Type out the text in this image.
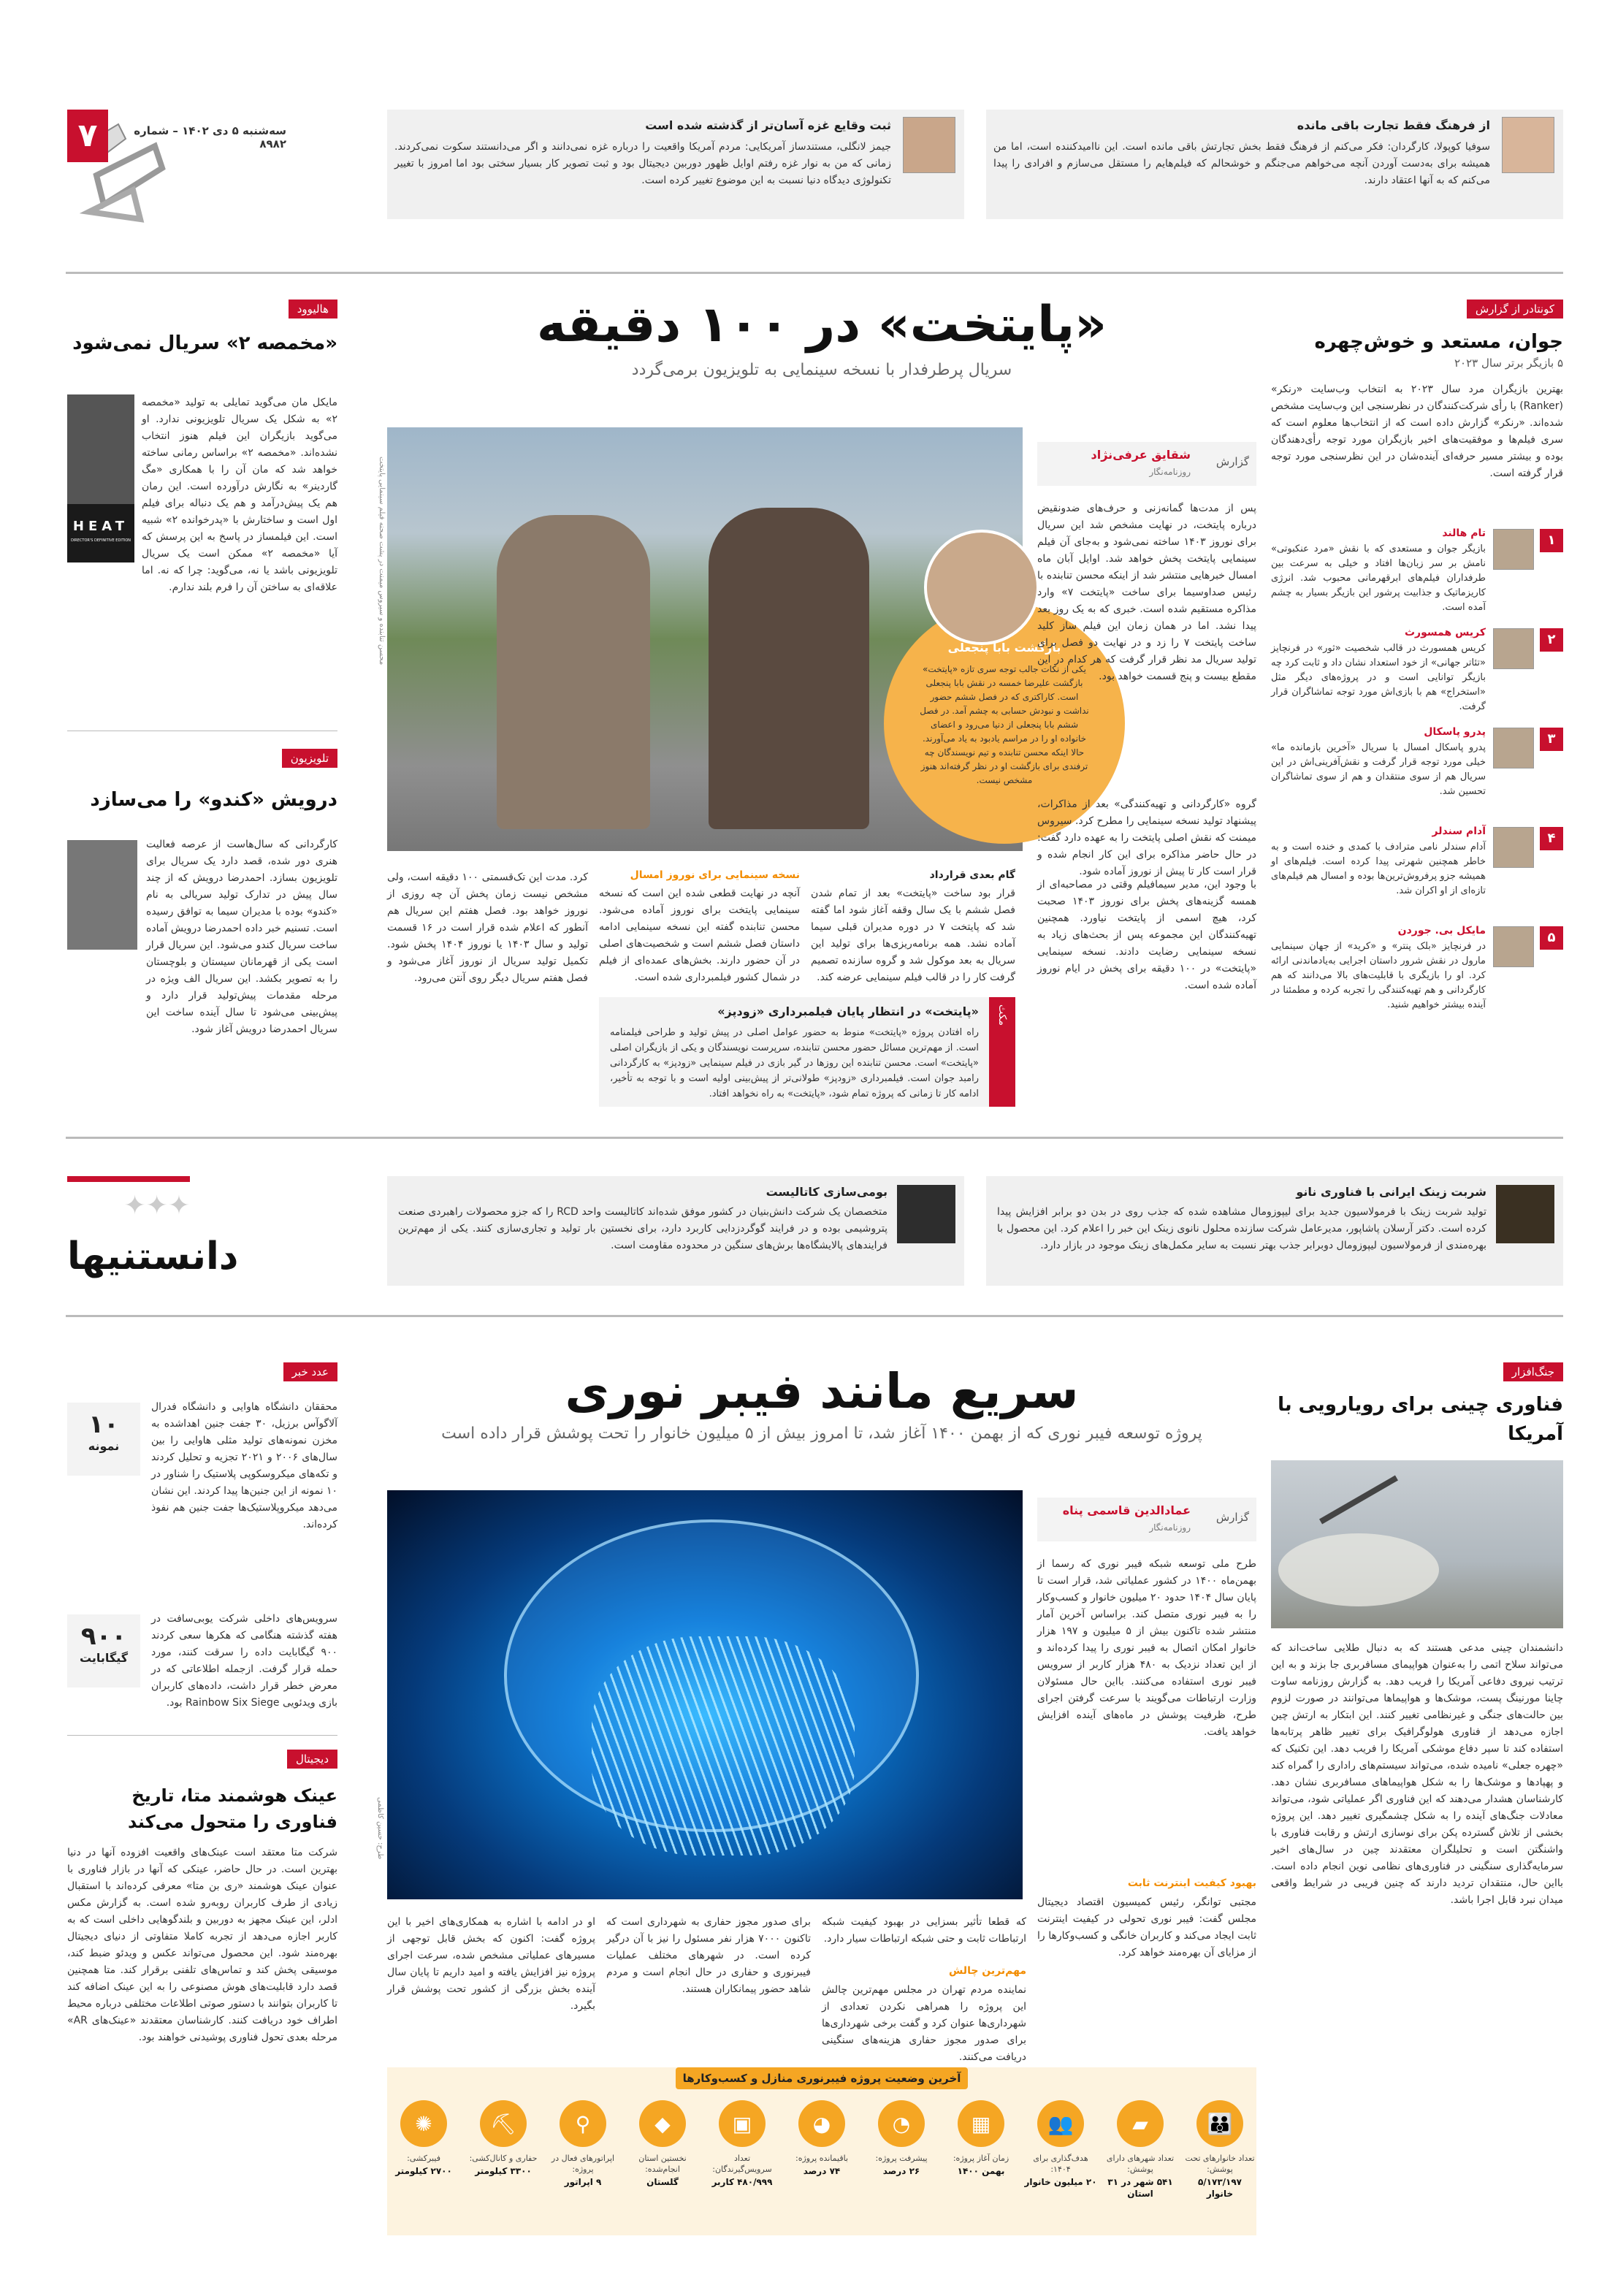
۷	سه‌شنبه ۵ دی ۱۴۰۲ – شماره ۸۹۸۲
از فرهنگ فقط تجارت باقی مانده
سوفیا کوپولا، کارگردان: فکر می‌کنم از فرهنگ فقط بخش تجارتش باقی مانده است. این ناامیدکننده است، اما من همیشه برای به‌دست آوردن آنچه می‌خواهم می‌جنگم و خوشحالم که فیلم‌هایم را مستقل می‌سازم و افرادی را پیدا می‌کنم که به آنها اعتقاد دارند.
ثبت وقایع غزه آسان‌تر از گذشته شده است
جیمز لانگلی، مستندساز آمریکایی: مردم آمریکا واقعیت را درباره غزه نمی‌دانند و اگر می‌دانستند سکوت نمی‌کردند. زمانی که من به نوار غزه رفتم اوایل ظهور دوربین دیجیتال بود و ثبت تصویر کار بسیار سختی بود اما امروز با تغییر تکنولوژی دیدگاه دنیا نسبت به این موضوع تغییر کرده است.
هالیوود
«مخمصه ۲» سریال نمی‌شود
HEAT
DIRECTOR'S DEFINITIVE EDITION
مایکل مان می‌گوید تمایلی به تولید «مخمصه ۲» به شکل یک سریال تلویزیونی ندارد. او می‌گوید بازیگران این فیلم هنوز انتخاب نشده‌اند. «مخمصه ۲» براساس رمانی ساخته خواهد شد که مان آن را با همکاری «مگ گاردینر» به نگارش درآورده است. این رمان هم یک پیش‌درآمد و هم یک دنباله برای فیلم اول است و ساختارش با «پدرخوانده ۲» شبیه است. این فیلمساز در پاسخ به این پرسش که آیا «مخمصه ۲» ممکن است یک سریال تلویزیونی باشد یا نه، می‌گوید: چرا که نه. اما علاقه‌ای به ساختن آن را فرم بلند ندارم.
تلویزیون
درویش «کندو» را می‌سازد
کارگردانی که سال‌هاست از عرصه فعالیت هنری دور شده، قصد دارد یک سریال برای تلویزیون بسازد. احمدرضا درویش که از چند سال پیش در تدارک تولید سریالی به نام «کندو» بوده با مدیران سیما به توافق رسیده است. تسنیم خبر داده احمدرضا درویش آماده ساخت سریال کندو می‌شود. این سریال قرار است یکی از قهرمانان سیستان و بلوچستان را به تصویر بکشد. این سریال الف ویژه در مرحله مقدمات پیش‌تولید قرار دارد و پیش‌بینی می‌شود تا سال آینده ساخت این سریال احمدرضا درویش آغاز شود.
«پایتخت» در ۱۰۰ دقیقه
سریال پرطرفدار با نسخه سینمایی به تلویزیون برمی‌گردد
محسن تنابنده و سیروس میمنت در پشت صحنه فیلم سینمایی پایتخت	بازگشت بابا پنجعلی
یکی از نکات جالب توجه سری تازه «پایتخت» بازگشت علیرضا خمسه در نقش بابا پنجعلی است. کاراکتری که در فصل ششم حضور نداشت و نبودش حسابی به چشم آمد. در فصل ششم بابا پنجعلی از دنیا می‌رود و اعضای خانواده او را در مراسم یادبود به یاد می‌آورند. حالا اینکه محسن تنابنده و تیم نویسندگان چه ترفندی برای بازگشت او در نظر گرفته‌اند هنوز مشخص نیست.
گزارش
شقایق عرفی‌نژاد
روزنامه‌نگار
پس از مدت‌ها گمانه‌زنی و حرف‌های ضدونقیض درباره پایتخت، در نهایت مشخص شد این سریال برای نوروز ۱۴۰۳ ساخته نمی‌شود و به‌جای آن فیلم سینمایی پایتخت پخش خواهد شد. اوایل آبان ماه امسال خبرهایی منتشر شد از اینکه محسن تنابنده با رئیس صداوسیما برای ساخت «پایتخت ۷» وارد مذاکره مستقیم شده است. خبری که به یک روز بعد پیدا نشد. اما در همان زمان این فیلم ساز کلید ساخت پایتخت ۷ را زد و در نهایت دو فصل برای تولید سریال مد نظر قرار گرفت که هر کدام در این مقطع بیست و پنج قسمت خواهد بود.
گروه «کارگردانی و تهیه‌کنندگی» بعد از مذاکرات، پیشنهاد تولید نسخه سینمایی را مطرح کرد. سیروس میمنت که نقش اصلی پایتخت را به عهده دارد گفت: در حال حاضر مذاکره برای این کار انجام شده و قرار است کار تا پیش از نوروز آماده شود.
با وجود این، مدیر سیمافیلم وقتی در مصاحبه‌ای از همسه گزینه‌های پخش برای نوروز ۱۴۰۳ صحبت کرد، هیچ اسمی از پایتخت نیاورد. همچنین تهیه‌کنندگان این مجموعه پس از بحث‌های زیاد به نسخه سینمایی رضایت دادند. نسخه سینمایی «پایتخت» در ۱۰۰ دقیقه برای پخش در ایام نوروز آماده شده است.
گام بعدی قرارداد
قرار بود ساخت «پایتخت» بعد از تمام شدن فصل ششم با یک سال وقفه آغاز شود اما گفته شد که پایتخت ۷ در دوره مدیران قبلی سیما آماده نشد. همه برنامه‌ریزی‌ها برای تولید این سریال به بعد موکول شد و گروه سازنده تصمیم گرفت کار را در قالب فیلم سینمایی عرضه کند.
نسخه سینمایی برای نوروز امسال
آنچه در نهایت قطعی شده این است که نسخه سینمایی پایتخت برای نوروز آماده می‌شود. محسن تنابنده گفته این نسخه سینمایی ادامه داستان فصل ششم است و شخصیت‌های اصلی در آن حضور دارند. بخش‌های عمده‌ای از فیلم در شمال کشور فیلمبرداری شده است.
کرد. مدت این تک‌قسمتی ۱۰۰ دقیقه است، ولی مشخص نیست زمان پخش آن چه روزی از نوروز خواهد بود. فصل هفتم این سریال هم آنطور که اعلام شده قرار است در ۱۶ قسمت تولید و سال ۱۴۰۳ یا نوروز ۱۴۰۴ پخش شود. تکمیل تولید سریال از نوروز آغاز می‌شود و فصل هفتم سریال دیگر روی آنتن می‌رود.
مکث
«پایتخت» در انتظار پایان فیلمبرداری «زودپز»
راه افتادن پروژه «پایتخت» منوط به حضور عوامل اصلی در پیش تولید و طراحی فیلمنامه است. از مهم‌ترین مسائل حضور محسن تنابنده، سرپرست نویسندگان و یکی از بازیگران اصلی «پایتخت» است. محسن تنابنده این روزها در گیر بازی در فیلم سینمایی «زودپز» به کارگردانی رامبد جوان است. فیلمبرداری «زودپز» طولانی‌تر از پیش‌بینی اولیه است و با توجه به تأخیر، ادامه کار تا زمانی که پروژه تمام شود، «پایتخت» به راه نخواهد افتاد.
کونتادر از گزارش
جوان، مستعد و خوش‌چهره
۵ بازیگر برتر سال ۲۰۲۳
بهترین بازیگران مرد سال ۲۰۲۳ به انتخاب وب‌سایت «رنکر» (Ranker) با رأی شرکت‌کنندگان در نظرسنجی این وب‌سایت مشخص شده‌اند. «رنکر» گزارش داده است که از انتخاب‌ها معلوم است که سری فیلم‌ها و موفقیت‌های اخیر بازیگران مورد توجه رأی‌دهندگان بوده و بیشتر مسیر حرفه‌ای آینده‌شان در این نظرسنجی مورد توجه قرار گرفته است.
۱
تام هالند
بازیگر جوان و مستعدی که با نقش «مرد عنکبوتی» نامش بر سر زبان‌ها افتاد و خیلی به سرعت بین طرفداران فیلم‌های ابرقهرمانی محبوب شد. انرژی کاریزماتیک و جذابیت پرشور این بازیگر بسیار به چشم آمده است.
۲
کریس همسورث
کریس همسورث در قالب شخصیت «ثور» در فرنچایز «تئاتر جهانی» از خود استعداد نشان داد و ثابت کرد چه بازیگر توانایی است و در پروژه‌های دیگر مثل «استخراج» هم با بازی‌اش مورد توجه تماشاگران قرار گرفت.
۳
پدرو پاسکال
پدرو پاسکال امسال با سریال «آخرین بازمانده ما» خیلی مورد توجه قرار گرفت و نقش‌آفرینی‌اش در این سریال هم از سوی منتقدان و هم از سوی تماشاگران تحسین شد.
۴
آدام سندلر
آدام سندلر نامی مترادف با کمدی و خنده است و به خاطر همچنین شهرتی پیدا کرده است. فیلم‌های او همیشه جزو پرفروش‌ترین‌ها بوده و امسال هم فیلم‌های تازه‌ای از او اکران شد.
۵
مایکل بی. جوردن
در فرنچایز «بلک پنتر» و «کرید» از جهان سینمایی مارول در نقش شرور داستان اجرایی به‌یادماندنی ارائه کرد. او را بازیگری با قابلیت‌های بالا می‌دانند که هم کارگردانی و هم تهیه‌کنندگی را تجربه کرده و مطمئنا در آینده بیشتر خواهیم شنید.
✦✦✦
دانستنیها
شربت زینک ایرانی با فناوری نانو
تولید شربت زینک با فرمولاسیون جدید برای لیپوزومال مشاهده شده که جذب روی در بدن دو برابر افزایش پیدا کرده است. دکتر آرسلان پاشاپور، مدیرعامل شرکت سازنده محلول نانوی زینک این خبر را اعلام کرد. این محصول با بهره‌مندی از فرمولاسیون لیپوزومال دوبرابر جذب بهتر نسبت به سایر مکمل‌های زینک موجود در بازار دارد.
بومی‌سازی کاتالیست
متخصصان یک شرکت دانش‌بنیان در کشور موفق شده‌اند کاتالیست واحد RCD را که جزو محصولات راهبردی صنعت پتروشیمی بوده و در فرایند گوگردزدایی کاربرد دارد، برای نخستین بار تولید و تجاری‌سازی کنند. یکی از مهم‌ترین فرایندهای پالایشگاه‌ها برش‌های سنگین در محدوده مقاومت است.
جنگ‌افزار
فناوری چینی برای رویارویی با آمریکا
دانشمندان چینی مدعی هستند که به دنبال طلایی ساخت‌اند که می‌تواند سلاح اتمی را به‌عنوان هواپیمای مسافربری جا بزند و به این ترتیب نیروی دفاعی آمریکا را فریب دهد. به گزارش روزنامه ساوت چاینا مورنینگ پست، موشک‌ها و هواپیماها می‌توانند در صورت لزوم بین حالت‌های جنگی و غیرنظامی تغییر کنند. این ابتکار به ارتش چین اجازه می‌دهد از فناوری هولوگرافیک برای تغییر ظاهر پرتابه‌ها استفاده کند تا سپر دفاع موشکی آمریکا را فریب دهد. این تکنیک که «چهره جعلی» نامیده شده، می‌تواند سیستم‌های راداری را گمراه کند و پهپادها و موشک‌ها را به شکل هواپیماهای مسافربری نشان دهد. کارشناسان هشدار می‌دهند که این فناوری اگر عملیاتی شود، می‌تواند معادلات جنگ‌های آینده را به شکل چشمگیری تغییر دهد. این پروژه بخشی از تلاش گسترده پکن برای نوسازی ارتش و رقابت فناوری با واشنگتن است و تحلیلگران معتقدند چین در سال‌های اخیر سرمایه‌گذاری سنگینی در فناوری‌های نظامی نوین انجام داده است. بااین حال، منتقدان تردید دارند که چنین فریبی در شرایط واقعی میدان نبرد قابل اجرا باشد.
سریع مانند فیبر نوری
پروژه توسعه فیبر نوری که از بهمن ۱۴۰۰ آغاز شد، تا امروز بیش از ۵ میلیون خانوار را تحت پوشش قرار داده است
طرح: حسین کاظمی
گزارش
عمادالدین قاسمی پناه
روزنامه‌نگار
طرح ملی توسعه شبکه فیبر نوری که رسما از بهمن‌ماه ۱۴۰۰ در کشور عملیاتی شد، قرار است تا پایان سال ۱۴۰۴ حدود ۲۰ میلیون خانوار و کسب‌وکار را به فیبر نوری متصل کند. براساس آخرین آمار منتشر شده تاکنون بیش از ۵ میلیون و ۱۹۷ هزار خانوار امکان اتصال به فیبر نوری را پیدا کرده‌اند و از این تعداد نزدیک به ۴۸۰ هزار کاربر از سرویس فیبر نوری استفاده می‌کنند. بااین حال مسئولان وزارت ارتباطات می‌گویند با سرعت گرفتن اجرای طرح، ظرفیت پوشش در ماه‌های آینده افزایش خواهد یافت.
بهبود کیفیت اینترنت ثابت
مجتبی توانگر، رئیس کمیسیون اقتصاد دیجیتال مجلس گفت: فیبر نوری تحولی در کیفیت اینترنت ثابت ایجاد می‌کند و کاربران خانگی و کسب‌وکارها را از مزایای آن بهره‌مند خواهد کرد.
که قطعا تأثیر بسزایی در بهبود کیفیت شبکه ارتباطات ثابت و حتی شبکه ارتباطات سیار دارد.
مهم‌ترین چالش
نماینده مردم تهران در مجلس مهم‌ترین چالش این پروژه را همراهی نکردن تعدادی از شهرداری‌ها عنوان کرد و گفت برخی شهرداری‌ها برای صدور مجوز حفاری هزینه‌های سنگینی دریافت می‌کنند.
برای صدور مجوز حفاری به شهرداری است که تاکنون ۷۰۰۰ هزار نفر مسئول را نیز با آن درگیر کرده است. در شهرهای مختلف عملیات فیبرنوری و حفاری در حال انجام است و مردم شاهد حضور پیمانکاران هستند.
او در ادامه با اشاره به همکاری‌های اخیر با این پروژه گفت: اکنون که بخش قابل توجهی از مسیرهای عملیاتی مشخص شده، سرعت اجرای پروژه نیز افزایش یافته و امید داریم تا پایان سال آینده بخش بزرگی از کشور تحت پوشش قرار بگیرد.
آخرین وضعیت پروژه فیبرنوری منازل و کسب‌وکارها
👪
تعداد خانوارهای تحت پوشش:
۵/۱۷۳/۱۹۷ خانوار
▰
تعداد شهرهای دارای پوشش:
۵۴۱ شهر در ۳۱ استان
👥
هدف‌گذاری برای ۱۴۰۴:
۲۰ میلیون خانوار
▦
زمان آغاز پروژه:
بهمن ۱۴۰۰
◔
پیشرفت پروژه:
۲۶ درصد
◕
باقیمانده پروژه:
۷۴ درصد
▣
تعداد سرویس‌گیرندگان:
۴۸۰/۹۹۹ کاربر
◆
نخستین استان انجام‌شده:
گلستان
⚲
اپراتورهای فعال در پروژه:
۹ اپراتور
⛏
حفاری و کانال‌کشی:
۳۳۰۰ کیلومتر
✺
فیبرکشی:
۲۷۰۰ کیلومتر
عدد خبر
۱۰
نمونه
محققان دانشگاه هاوایی و دانشگاه فدرال آلاگوآس برزیل، ۳۰ جفت جنین اهداشده به مخزن نمونه‌های تولید مثلی هاوایی را بین سال‌های ۲۰۰۶ و ۲۰۲۱ تجزیه و تحلیل کردند و تکه‌های میکروسکوپی پلاستیک را شناور در ۱۰ نمونه از این جنین‌ها پیدا کردند. این نشان می‌دهد میکروپلاستیک‌ها جفت جنین هم نفوذ کرده‌اند.
۹۰۰
گیگابایت
سرویس‌های داخلی شرکت یوبی‌سافت در هفته گذشته هنگامی که هکرها سعی کردند ۹۰۰ گیگابایت داده را سرقت کنند، مورد حمله قرار گرفت. ازجمله اطلاعاتی که در معرض خطر قرار داشت، داده‌های کاربران بازی ویدئویی Rainbow Six Siege بود.
دیجیتال
عینک هوشمند متا، تاریخ فناوری را متحول می‌کند
شرکت متا معتقد است عینک‌های واقعیت افزوده آنها در دنیا بهترین است. در حال حاضر، عینکی که آنها در بازار فناوری با عنوان عینک هوشمند «ری بن متا» معرفی کرده‌اند با استقبال زیادی از طرف کاربران روبه‌رو شده است. به گزارش مکس ادلر، این عینک مجهز به دوربین و بلندگوهایی داخلی است که به کاربر اجازه می‌دهد از تجربه کاملا متفاوتی از دنیای دیجیتال بهره‌مند شود. این محصول می‌تواند عکس و ویدئو ضبط کند، موسیقی پخش کند و تماس‌های تلفنی برقرار کند. متا همچنین قصد دارد قابلیت‌های هوش مصنوعی را به این عینک اضافه کند تا کاربران بتوانند با دستور صوتی اطلاعات مختلفی درباره محیط اطراف خود دریافت کنند. کارشناسان معتقدند «عینک‌های AR» مرحله بعدی تحول فناوری پوشیدنی خواهند بود.
